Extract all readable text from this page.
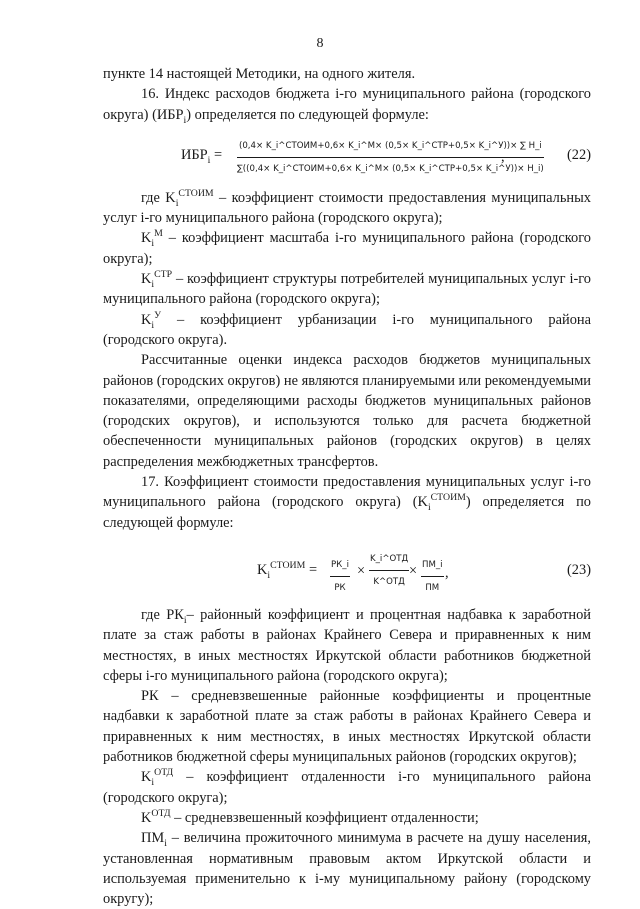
8

пункте 14 настоящей Методики, на одного жителя.

16. Индекс расходов бюджета i-го муниципального района (городского округа) $(ИБР_i)$ определяется по следующей формуле:

$ИБР_i$ =
(0,4× K_i^СТОИМ+0,6× K_i^M× (0,5× K_i^СТР+0,5× K_i^У))× ∑ H_i
∑((0,4× K_i^СТОИМ+0,6× K_i^M× (0,5× K_i^СТР+0,5× K_i^У))× H_i)
,	(22)

где $K_i^{СТОИМ}$ – коэффициент стоимости предоставления муниципальных услуг i-го муниципального района (городского округа);

$K_i^M$ – коэффициент масштаба i-го муниципального района (городского округа);

$K_i^{СТР}$ – коэффициент структуры потребителей муниципальных услуг i-го муниципального района (городского округа);

$K_i^У$ – коэффициент урбанизации i-го муниципального района (городского округа).

Рассчитанные оценки индекса расходов бюджетов муниципальных районов (городских округов) не являются планируемыми или рекомендуемыми показателями, определяющими расходы бюджетов муниципальных районов (городских округов), и используются только для расчета бюджетной обеспеченности муниципальных районов (городских округов) в целях распределения межбюджетных трансфертов.

17. Коэффициент стоимости предоставления муниципальных услуг i-го муниципального района (городского округа) $(K_i^{СТОИМ})$ определяется по следующей формуле:

$K_i^{СТОИМ}$ = РК_i
РК
×
K_i^ОТД
K^ОТД
× ПМ_i
ПМ
,	(23)

где $РК_i-$ районный коэффициент и процентная надбавка к заработной плате за стаж работы в районах Крайнего Севера и приравненных к ним местностях, в иных местностях Иркутской области работников бюджетной сферы i-го муниципального района (городского округа);

РК – средневзвешенные районные коэффициенты и процентные надбавки к заработной плате за стаж работы в районах Крайнего Севера и приравненных к ним местностях, в иных местностях Иркутской области работников бюджетной сферы муниципальных районов (городских округов);

$K_i^{ОТД}$ – коэффициент отдаленности i-го муниципального района (городского округа);

$K^{ОТД}$ – средневзвешенный коэффициент отдаленности;

$ПМ_i$ – величина прожиточного минимума в расчете на душу населения, установленная нормативным правовым актом Иркутской области и используемая применительно к i-му муниципальному району (городскому округу);
